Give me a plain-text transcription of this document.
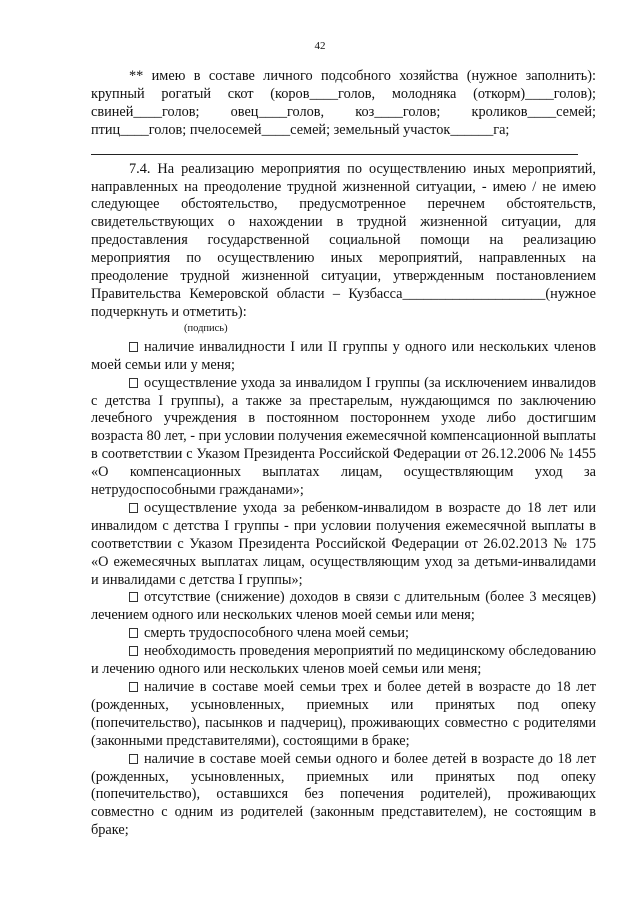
42

** имею в составе личного подсобного хозяйства (нужное заполнить): крупный рогатый скот (коров____голов, молодняка (откорм)____голов); свиней____голов; овец____голов, коз____голов; кроликов____семей; птиц____голов; пчелосемей____семей; земельный участок______га;

7.4. На реализацию мероприятия по осуществлению иных мероприятий, направленных на преодоление трудной жизненной ситуации, - имею / не имею следующее обстоятельство, предусмотренное перечнем обстоятельств, свидетельствующих о нахождении в трудной жизненной ситуации, для предоставления государственной социальной помощи на реализацию мероприятия по осуществлению иных мероприятий, направленных на преодоление трудной жизненной ситуации, утвержденным постановлением Правительства Кемеровской области – Кузбасса____________________(нужное подчеркнуть и отметить):

(подпись)

наличие инвалидности I или II группы у одного или нескольких членов моей семьи или у меня;

осуществление ухода за инвалидом I группы (за исключением инвалидов с детства I группы), а также за престарелым, нуждающимся по заключению лечебного учреждения в постоянном постороннем уходе либо достигшим возраста 80 лет, - при условии получения ежемесячной компенсационной выплаты в соответствии с Указом Президента Российской Федерации от 26.12.2006 № 1455 «О компенсационных выплатах лицам, осуществляющим уход за нетрудоспособными гражданами»;

осуществление ухода за ребенком-инвалидом в возрасте до 18 лет или инвалидом с детства I группы - при условии получения ежемесячной выплаты в соответствии с Указом Президента Российской Федерации от 26.02.2013 № 175 «О ежемесячных выплатах лицам, осуществляющим уход за детьми-инвалидами и инвалидами с детства I группы»;

отсутствие (снижение) доходов в связи с длительным (более 3 месяцев) лечением одного или нескольких членов моей семьи или меня;

смерть трудоспособного члена моей семьи;

необходимость проведения мероприятий по медицинскому обследованию и лечению одного или нескольких членов моей семьи или меня;

наличие в составе моей семьи трех и более детей в возрасте до 18 лет (рожденных, усыновленных, приемных или принятых под опеку (попечительство), пасынков и падчериц), проживающих совместно с родителями (законными представителями), состоящими в браке;

наличие в составе моей семьи одного и более детей в возрасте до 18 лет (рожденных, усыновленных, приемных или принятых под опеку (попечительство), оставшихся без попечения родителей), проживающих совместно с одним из родителей (законным представителем), не состоящим в браке;
